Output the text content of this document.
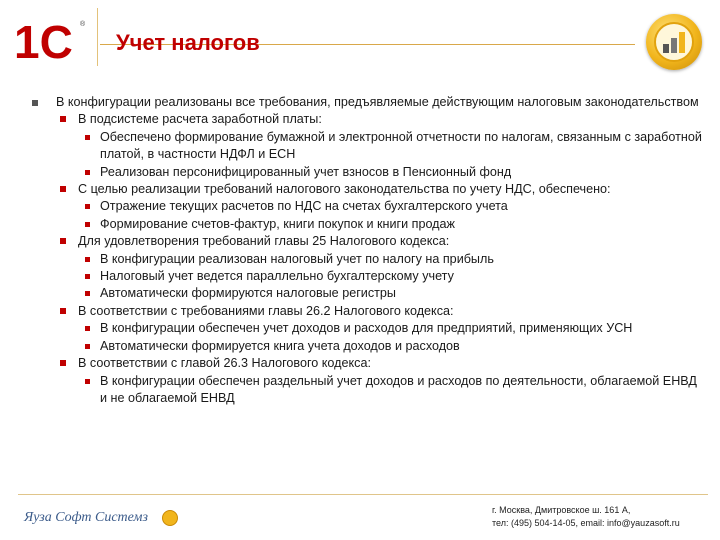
1С ®
Учет налогов
В конфигурации реализованы все требования, предъявляемые действующим налоговым законодательством
В подсистеме расчета заработной платы:
Обеспечено формирование бумажной и электронной отчетности по налогам, связанным с заработной платой, в частности НДФЛ и ЕСН
Реализован персонифицированный учет взносов в Пенсионный фонд
С целью реализации требований налогового законодательства по учету НДС, обеспечено:
Отражение текущих расчетов по НДС на счетах бухгалтерского учета
Формирование счетов-фактур, книги покупок и книги продаж
Для удовлетворения требований главы 25 Налогового кодекса:
В конфигурации реализован налоговый учет по налогу на прибыль
Налоговый учет ведется параллельно бухгалтерскому учету
Автоматически формируются налоговые регистры
В соответствии с требованиями главы 26.2 Налогового кодекса:
В конфигурации обеспечен учет доходов и расходов для предприятий, применяющих УСН
Автоматически формируется книга учета доходов и расходов
В соответствии с главой 26.3 Налогового кодекса:
В конфигурации обеспечен раздельный учет доходов и расходов по деятельности, облагаемой ЕНВД и не облагаемой ЕНВД
Яуза Софт Системз	г. Москва, Дмитровское ш. 161 А,
тел: (495) 504-14-05, email: info@yauzasoft.ru
